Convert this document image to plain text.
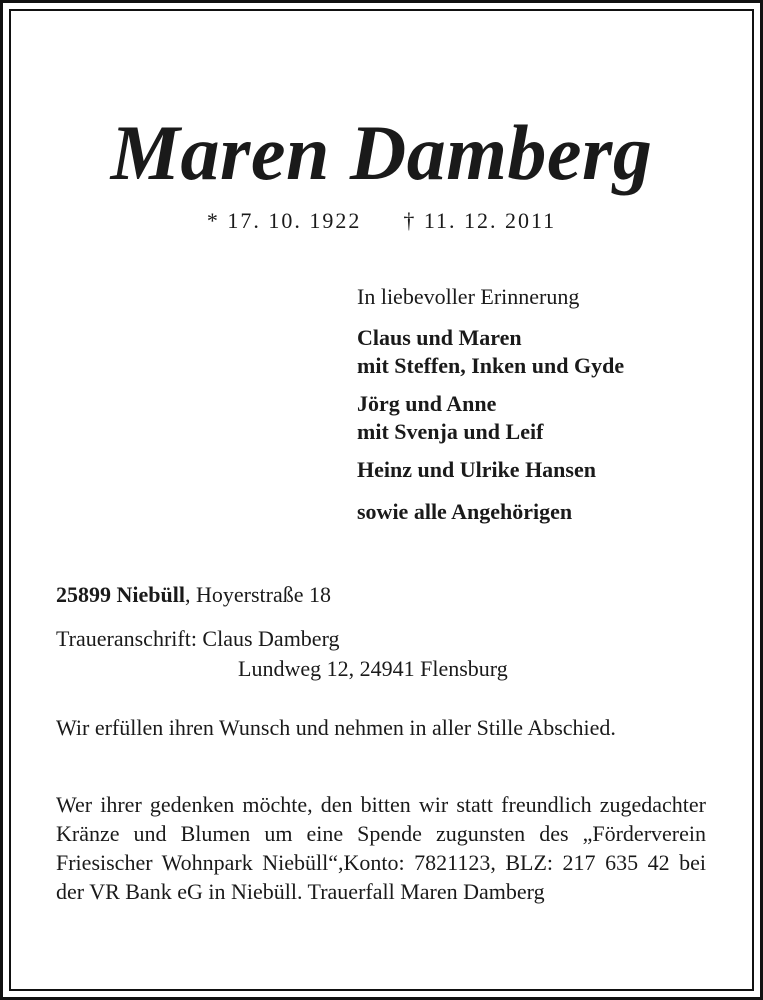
Maren Damberg
* 17. 10. 1922 † 11. 12. 2011
In liebevoller Erinnerung
Claus und Maren
mit Steffen, Inken und Gyde
Jörg und Anne
mit Svenja und Leif
Heinz und Ulrike Hansen
sowie alle Angehörigen
25899 Niebüll, Hoyerstraße 18
Traueranschrift: Claus Damberg
Lundweg 12, 24941 Flensburg
Wir erfüllen ihren Wunsch und nehmen in aller Stille Abschied.
Wer ihrer gedenken möchte, den bitten wir statt freundlich zugedachter Kränze und Blumen um eine Spende zugunsten des „Förderverein Friesischer Wohnpark Niebüll“,Konto: 7821123, BLZ: 217 635 42 bei der VR Bank eG in Niebüll. Trauerfall Maren Damberg
